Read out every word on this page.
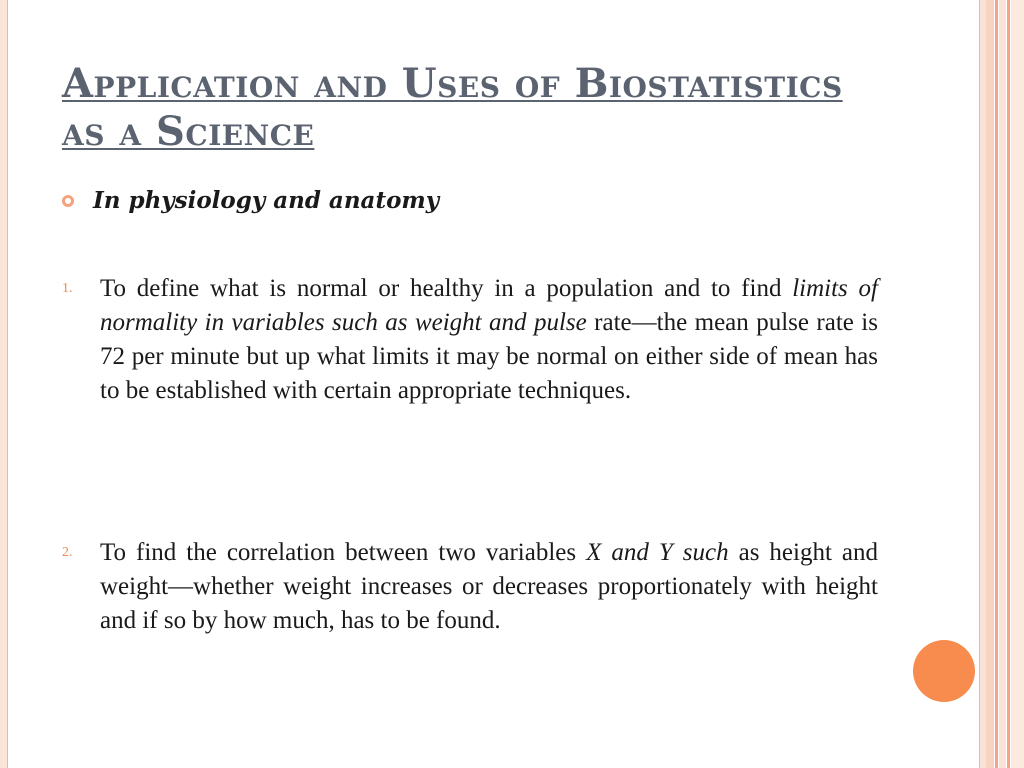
Application and Uses of Biostatistics
as a Science
In physiology and anatomy
1.	To define what is normal or healthy in a population and to find limits of normality in variables such as weight and pulse rate—the mean pulse rate is 72 per minute but up what limits it may be normal on either side of mean has to be established with certain appropriate techniques.
2.	To find the correlation between two variables X and Y such as height and weight—whether weight increases or decreases proportionately with height and if so by how much, has to be found.
